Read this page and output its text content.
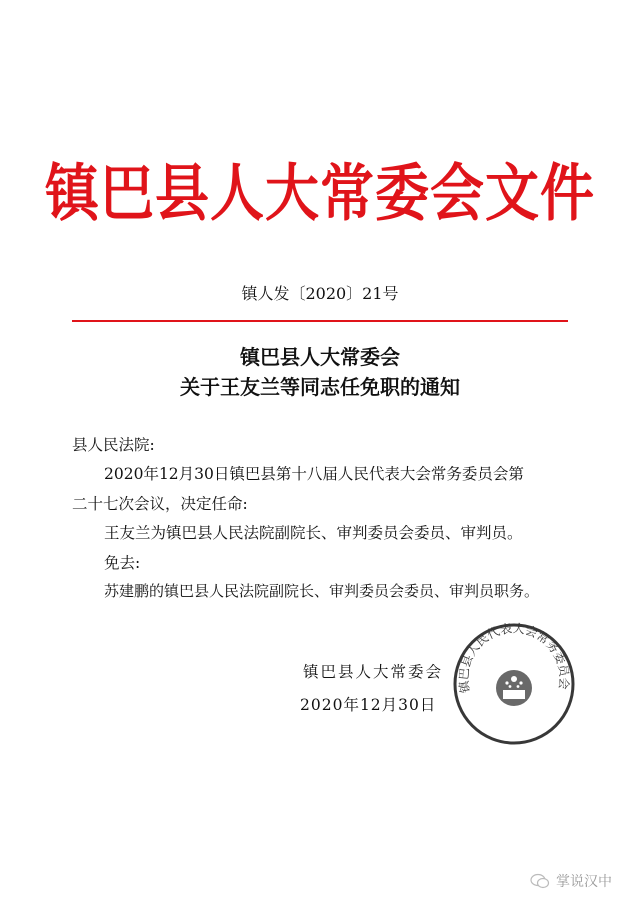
镇巴县人大常委会文件
镇人发〔2020〕21号
镇巴县人大常委会
关于王友兰等同志任免职的通知
县人民法院:
2020年12月30日镇巴县第十八届人民代表大会常务委员会第
二十七次会议，决定任命:
王友兰为镇巴县人民法院副院长、审判委员会委员、审判员。
免去:
苏建鹏的镇巴县人民法院副院长、审判委员会委员、审判员职务。
镇巴县人大常委会
2020年12月30日
镇巴县人民代表大会常务委员会
掌说汉中
